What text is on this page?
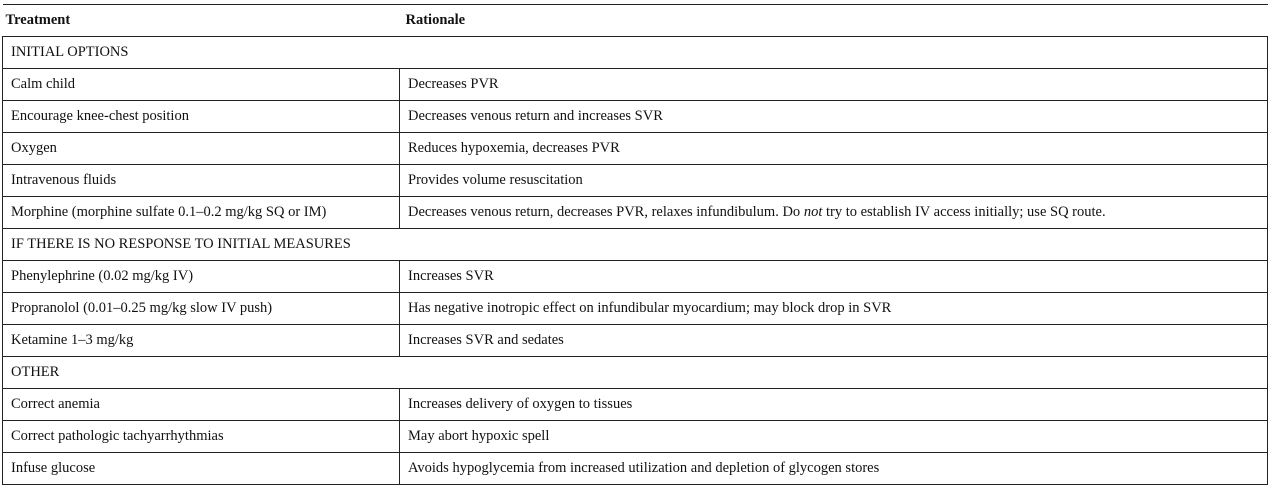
Treatment	Rationale
INITIAL OPTIONS	
Calm child	Decreases PVR
Encourage knee-chest position	Decreases venous return and increases SVR
Oxygen	Reduces hypoxemia, decreases PVR
Intravenous fluids	Provides volume resuscitation
Morphine (morphine sulfate 0.1–0.2 mg/kg SQ or IM)	Decreases venous return, decreases PVR, relaxes infundibulum. Do not try to establish IV access initially; use SQ route.
IF THERE IS NO RESPONSE TO INITIAL MEASURES	
Phenylephrine (0.02 mg/kg IV)	Increases SVR
Propranolol (0.01–0.25 mg/kg slow IV push)	Has negative inotropic effect on infundibular myocardium; may block drop in SVR
Ketamine 1–3 mg/kg	Increases SVR and sedates
OTHER	
Correct anemia	Increases delivery of oxygen to tissues
Correct pathologic tachyarrhythmias	May abort hypoxic spell
Infuse glucose	Avoids hypoglycemia from increased utilization and depletion of glycogen stores
